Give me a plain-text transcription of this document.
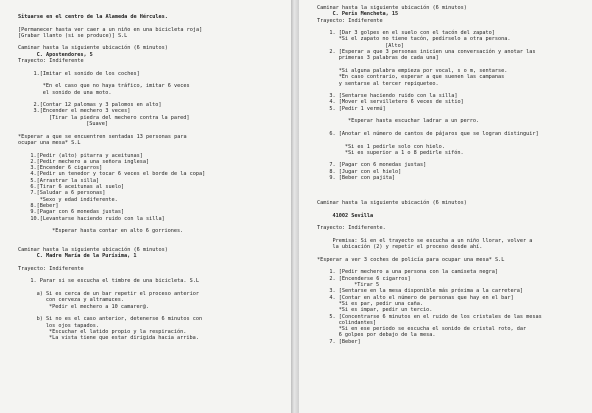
Situarse en el centro de la Alameda de Hércules.
[Permanecer hasta ver caer a un niño en una bicicleta roja]
[Grabar llanto (si se produce)] S.L
Caminar hasta la siguiente ubicación (6 minutos)
C. Apostendores, 5
Trayecto: Indiferente
1.[Imitar el sonido de los coches]
*En el caso que no haya tráfico, imitar 6 veces
el sonido de una moto.
2.[Contar 12 palomas y 3 palomos en alto]
3.[Encender el mechero 3 veces]
[Tirar la piedra del mechero contra la pared]
[Suave]
*Esperar a que se encuentren sentadas 13 personas para
ocupar una mesa* S.L
1.[Pedir (alto) pitarra y aceitunas]
2.[Pedir mechero a una señora inglesa]
3.[Encender 6 cigarros]
4.[Pedir un tenedor y tocar 6 veces el borde de la copa]
5.[Arrastrar la silla]
6.[Tirar 6 aceitunas al suelo]
7.[Saludar a 6 personas]
*Sexo y edad indiferente.
8.[Beber]
9.[Pagar con 6 monedas justas]
10.[Levantarse haciendo ruido con la silla]
*Esperar hasta contar en alto 6 gorriones.
Caminar hasta la siguiente ubicación (6 minutos)
C. Madre María de la Purísima, 1
Trayecto: Indiferente
1. Parar si se escucha el timbre de una bicicleta. S.L
a) Si es cerca de un bar repetir el proceso anterior
con cerveza y altramuces.
*Pedir el mechero a 10 camarer@.
b) Si no es el caso anterior, detenerse 6 minutos con
los ojos tapados.
*Escuchar el latido propio y la respiración.
*La vista tiene que estar dirigida hacia arriba.
Caminar hasta la siguiente ubicación (6 minutos)
C. Peris Mencheta, 15
Trayecto: Indiferente
1. [Dar 3 golpes en el suelo con el tacón del zapato]
*Si el zapato no tiene tacón, pedírselo a otra persona.
[Alto]
2. [Esperar a que 3 personas inicien una conversación y anotar las
primeras 3 palabras de cada una]
*Si alguna palabra empieza por vocal, s o m, sentarse.
*En caso contrario, esperar a que suenen las campanas
y sentarse al tercer repiqueteo.
3. [Sentarse haciendo ruido con la silla]
4. [Mover el servilletero 6 veces de sitio]
5. [Pedir 1 vermú]
*Esperar hasta escuchar ladrar a un perro.
6. [Anotar el número de cantos de pájaros que se logran distinguir]
*Si es 1 pedirle solo con hielo.
*Si es superior a 1 o 8 pedirle sifón.
7. [Pagar con 6 monedas justas]
8. [Jugar con el hielo]
9. [Beber con pajita]
Caminar hasta la siguiente ubicación (6 minutos)
41002 Sevilla
Trayecto: Indiferente.
Premisa: Si en el trayecto se escucha a un niño llorar, volver a
la ubicación (2) y repetir el proceso desde ahí.
*Esperar a ver 3 coches de policía para ocupar una mesa* S.L
1. [Pedir mechero a una persona con la camiseta negra]
2. [Encenderse 6 cigarros]
*Tirar 5
3. [Sentarse en la mesa disponible más próxima a la carretera]
4. [Contar en alto el número de personas que hay en el bar]
*Si es par, pedir una caña.
*Si es impar, pedir un tercio.
5. [Concentrarse 6 minutos en el ruido de los cristales de las mesas
colindantes]
*Si en ese periodo se escucha el sonido de cristal roto, dar
6 golpes por debajo de la mesa.
7. [Beber]
